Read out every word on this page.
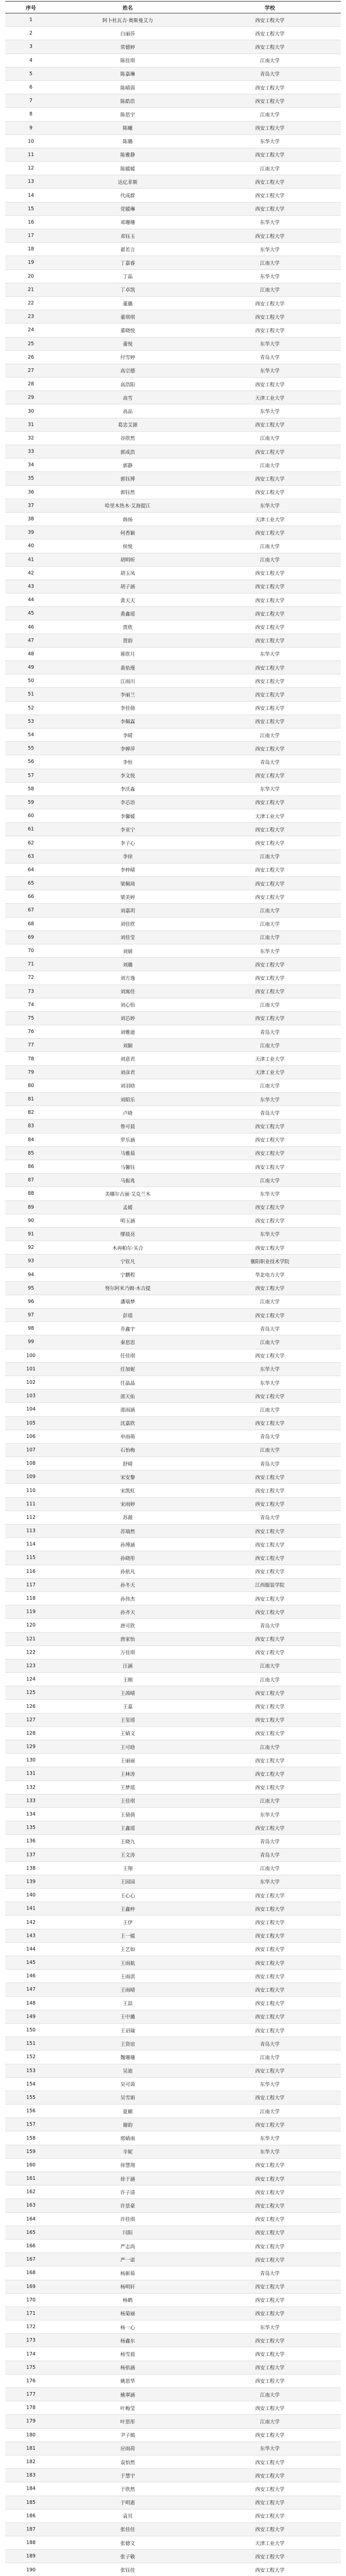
序号	姓名	学校
1	阿卜杜瓦吉·奥斯曼艾力	西安工程大学
2	白丽莎	西安工程大学
3	常德婷	西安工程大学
4	陈佳琪	江南大学
5	陈嘉琳	青岛大学
6	陈晴茵	西安工程大学
7	陈皓浩	西安工程大学
8	陈思宇	江南大学
9	陈曦	西安工程大学
10	陈璐	东华大学
11	陈雅静	西安工程大学
12	陈媛媛	江南大学
13	达亿菲斯	西安工程大学
14	代成群	西安工程大学
15	党媛琳	西安工程大学
16	邓珊珊	东华大学
17	邓钰玉	西安工程大学
18	翟若言	东华大学
19	丁嘉睿	江南大学
20	丁晶	东华大学
21	丁卓凯	江南大学
22	董璐	西安工程大学
23	董琪琪	西安工程大学
24	董晓悦	西安工程大学
25	董悦	东华大学
26	付雪婷	青岛大学
27	高宗德	东华大学
28	高浩阳	西安工程大学
29	高雪	天津工业大学
30	高品	东华大学
31	葛忠艾源	西安工程大学
32	谷欣然	江南大学
33	郭成浩	西安工程大学
34	郭静	江南大学
35	郭钰博	西安工程大学
36	郭钰然	西安工程大学
37	哈里木热木·艾海提江	东华大学
38	韩炀	天津工业大学
39	何香颖	西安工程大学
40	侯悦	江南大学
41	胡明昕	江南大学
42	胡玉凤	西安工程大学
43	胡子涵	西安工程大学
44	黄天天	西安工程大学
45	黄鑫瑶	西安工程大学
46	贾欣	西安工程大学
47	贾韵	西安工程大学
48	蒋欣月	东华大学
49	黄依瑾	西安工程大学
50	江雨川	西安工程大学
51	李丽兰	西安工程大学
52	李佳倩	西安工程大学
53	李佩霖	西安工程大学
54	李晴	江南大学
55	李婵萍	西安工程大学
56	李恒	青岛大学
57	李文悦	西安工程大学
58	李沃淼	东华大学
59	李芯语	西安工程大学
60	李馨媛	天津工业大学
61	李亚宁	西安工程大学
62	李子心	西安工程大学
63	李徐	江南大学
64	李梓晴	西安工程大学
65	梁佩琦	西安工程大学
66	梁美婷	西安工程大学
67	刘嘉玥	江南大学
68	刘佳欣	江南大学
69	刘佳莹	江南大学
70	刘婧	东华大学
71	刘璐	西安工程大学
72	刘方逸	西安工程大学
73	刘寓佳	西安工程大学
74	刘心怡	江南大学
75	刘芯婷	西安工程大学
76	刘雅迪	青岛大学
77	刘颖	江南大学
78	刘意君	天津工业大学
79	刘彦君	天津工业大学
80	刘羽晗	江南大学
81	刘昭乐	东华大学
82	卢晓	青岛大学
83	鲁可晨	西安工程大学
84	罗乐涵	西安工程大学
85	马雅茹	西安工程大学
86	马馨钰	西安工程大学
87	马振兆	江南大学
88	美娜尔古丽·艾克兰木	东华大学
89	孟媛	西安工程大学
90	明玉涵	西安工程大学
91	缪晨亮	东华大学
92	木再帕尔·买合	西安工程大学
93	宁钦凡	襄阳职业技术学院
94	宁鹏程	华北电力大学
95	努尔阿米乃姆·木吉提	西安工程大学
96	潘瑞梦	江南大学
97	彭瑶	西安工程大学
98	乔鑫宇	青岛大学
99	秦思思	江南大学
100	任佳琪	西安工程大学
101	任加妮	东华大学
102	任晶晶	东华大学
103	邵天佑	西安工程大学
104	邵雨涵	江南大学
105	沈嘉欣	西安工程大学
106	申雨萌	青岛大学
107	石怡梅	江南大学
108	舒晴	青岛大学
109	宋安黎	西安工程大学
110	宋凯虹	西安工程大学
111	宋雨婷	西安工程大学
112	苏薇	青岛大学
113	苏瑞然	西安工程大学
114	孙博涵	西安工程大学
115	孙晓彤	西安工程大学
116	孙依凡	西安工程大学
117	孙冬天	江西服装学院
118	孙伟杰	西安工程大学
119	孙齐天	西安工程大学
120	唐可欣	青岛大学
121	唐家怡	西安工程大学
122	万佳琪	西安工程大学
123	汪涵	江南大学
124	王刚	江南大学
125	王茜晴	西安工程大学
126	王嘉	西安工程大学
127	王玺瑶	西安工程大学
128	王婧文	西安工程大学
129	王可晗	江南大学
130	王丽丽	西安工程大学
131	王林涛	西安工程大学
132	王梦瑶	西安工程大学
133	王佳琪	江南大学
134	王倩倩	东华大学
135	王鑫瑶	西安工程大学
136	王晓九	青岛大学
137	王文涛	青岛大学
138	王翔	江南大学
139	王园园	东华大学
140	王心心	西安工程大学
141	王鑫梓	西安工程大学
142	王伊	西安工程大学
143	王一媛	西安工程大学
144	王艺如	西安工程大学
145	王雨航	西安工程大学
146	王雨淇	西安工程大学
147	王雨晴	西安工程大学
148	王喆	西安工程大学
149	王中璐	西安工程大学
150	王诏瑜	西安工程大学
151	王资谊	青岛大学
152	魏珊珊	江南大学
153	吴迪	西安工程大学
154	吴可茵	东华大学
155	吴雪娟	西安工程大学
156	夏媚	江南大学
157	谢韵	西安工程大学
158	邢婧雨	东华大学
159	辛妮	东华大学
160	徐慧翔	西安工程大学
161	徐于涵	西安工程大学
162	许子清	西安工程大学
163	许景豪	西安工程大学
164	许佳琪	西安工程大学
165	闫阳	西安工程大学
166	严志尚	西安工程大学
167	严一诺	西安工程大学
168	杨新茹	青岛大学
169	杨明轩	西安工程大学
170	杨鹤	西安工程大学
171	杨菊丽	西安工程大学
172	杨一心	东华大学
173	杨鑫东	西安工程大学
174	杨雪晨	西安工程大学
175	杨依涵	西安工程大学
176	姚思华	西安工程大学
177	姚翠涵	江南大学
178	叶梅莹	西安工程大学
179	叶思彤	江南大学
180	尹子嫣	西安工程大学
181	应雨荷	东华大学
182	袁怡然	西安工程大学
183	于慧宇	西安工程大学
184	于欣然	西安工程大学
185	于明惠	西安工程大学
186	袁贝	西安工程大学
187	张佳佳	西安工程大学
188	张德文	天津工业大学
189	张子敬	西安工程大学
190	张钰佳	西安工程大学
